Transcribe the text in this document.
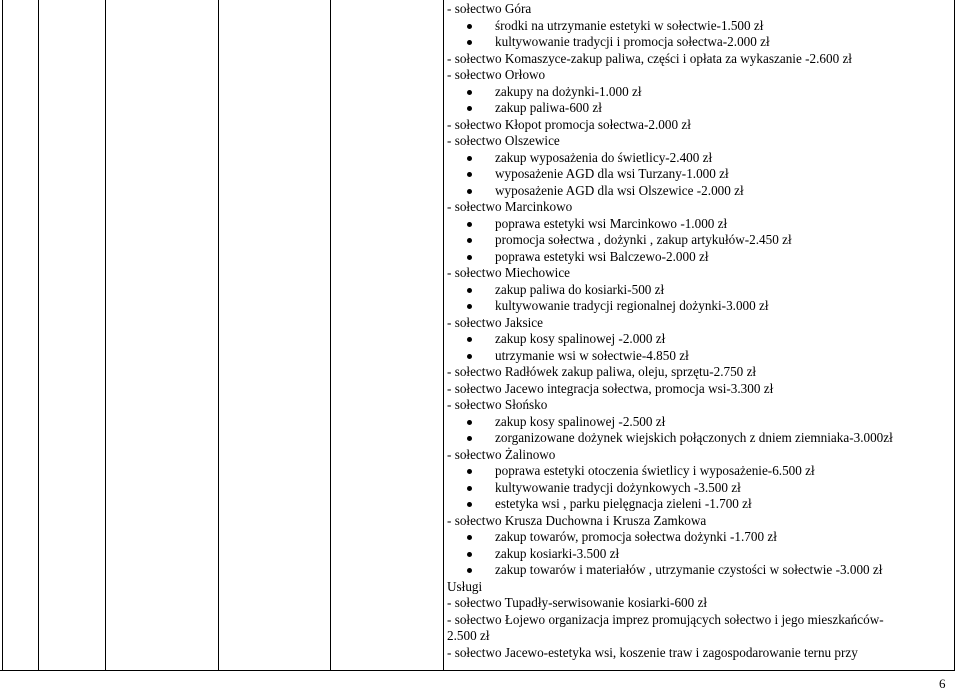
- sołectwo Góra
środki na utrzymanie estetyki w sołectwie-1.500 zł
kultywowanie tradycji i promocja sołectwa-2.000 zł
- sołectwo Komaszyce-zakup paliwa, części i opłata za wykaszanie -2.600 zł
- sołectwo Orłowo
zakupy na dożynki-1.000 zł
zakup paliwa-600 zł
- sołectwo Kłopot promocja sołectwa-2.000 zł
- sołectwo Olszewice
zakup wyposażenia do świetlicy-2.400 zł
wyposażenie AGD dla wsi Turzany-1.000 zł
wyposażenie AGD dla wsi Olszewice -2.000 zł
- sołectwo Marcinkowo
poprawa estetyki wsi Marcinkowo -1.000 zł
promocja sołectwa , dożynki , zakup artykułów-2.450 zł
poprawa estetyki wsi Balczewo-2.000 zł
- sołectwo Miechowice
zakup paliwa do kosiarki-500 zł
kultywowanie tradycji regionalnej dożynki-3.000 zł
- sołectwo Jaksice
zakup kosy spalinowej -2.000 zł
utrzymanie wsi w sołectwie-4.850 zł
- sołectwo Radłówek zakup paliwa, oleju, sprzętu-2.750 zł
- sołectwo Jacewo integracja sołectwa, promocja wsi-3.300 zł
- sołectwo Słońsko
zakup kosy spalinowej -2.500 zł
zorganizowane dożynek wiejskich połączonych z dniem ziemniaka-3.000zł
- sołectwo Żalinowo
poprawa estetyki otoczenia świetlicy i wyposażenie-6.500 zł
kultywowanie tradycji dożynkowych -3.500 zł
estetyka wsi , parku pielęgnacja zieleni -1.700 zł
- sołectwo Krusza Duchowna i Krusza Zamkowa
zakup towarów, promocja sołectwa dożynki -1.700 zł
zakup kosiarki-3.500 zł
zakup towarów i materiałów , utrzymanie czystości w sołectwie -3.000 zł
Usługi
- sołectwo Tupadły-serwisowanie kosiarki-600 zł
- sołectwo Łojewo organizacja imprez promujących sołectwo i jego mieszkańców-
2.500 zł
- sołectwo Jacewo-estetyka wsi, koszenie traw i zagospodarowanie ternu przy
6
